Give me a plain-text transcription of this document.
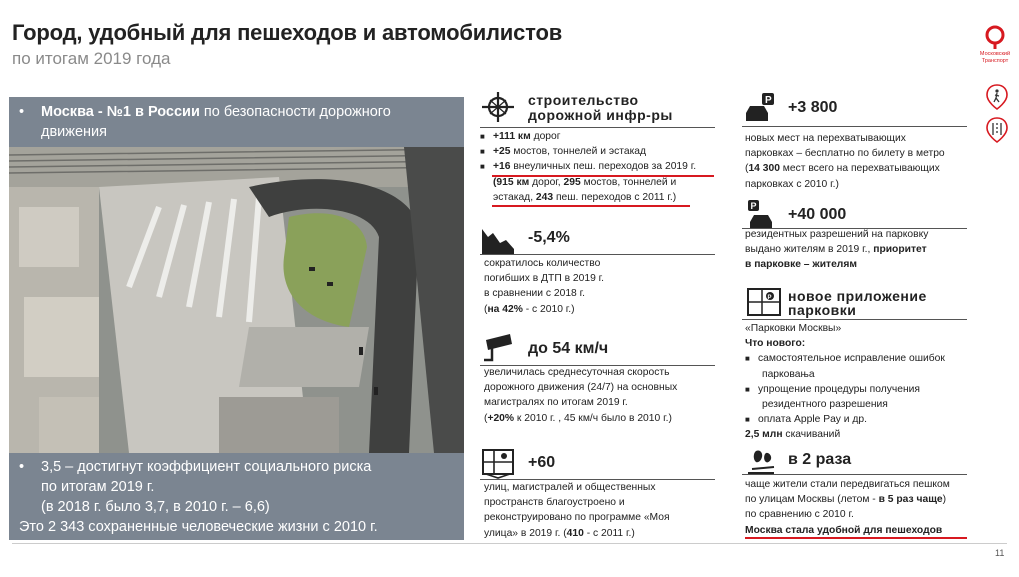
Город, удобный для пешеходов и автомобилистов
по итогам 2019 года	Московский
Транспорт
•	Москва - №1 в России по безопасности дорожного
движения
•	3,5 – достигнут коэффициент социального риска
по итогам 2019 г.
(в 2018 г. было 3,7, в 2010 г. – 6,6)
Это 2 343 сохраненные человеческие жизни с 2010 г.
строительство
дорожной инфр-ры
■ +111 км дорог
■ +25 мостов, тоннелей и эстакад
■ +16 внеуличных пеш. переходов за 2019 г.
(915 км дорог, 295 мостов, тоннелей и
эстакад, 243 пеш. переходов с 2011 г.)
-5,4%
сократилось количество
погибших в ДТП в 2019 г.
в сравнении с 2018 г.
(на 42% - с 2010 г.)
до 54 км/ч
увеличилась среднесуточная скорость
дорожного движения (24/7) на основных
магистралях по итогам 2019 г.
(+20% к 2010 г. , 45 км/ч было в 2010 г.)
+60
улиц, магистралей и общественных
пространств благоустроено и
реконструировано по программе «Моя
улица» в 2019 г. (410 - с 2011 г.)
P +3 800
новых мест на перехватывающих
парковках – бесплатно по билету в метро
(14 300 мест всего на перехватывающих
парковках с 2010 г.)
P +40 000
резидентных разрешений на парковку
выдано жителям в 2019 г., приоритет
в парковке – жителям
P новое приложение
парковки
«Парковки Москвы»
Что нового:
■ самостоятельное исправление ошибок
парковања
■ упрощение процедуры получения
резидентного разрешения
■ оплата Apple Pay и др.
2,5 млн скачиваний
в 2 раза
чаще жители стали передвигаться пешком
по улицам Москвы (летом - в 5 раз чаще)
по сравнению с 2010 г.
Москва стала удобной для пешеходов
11
